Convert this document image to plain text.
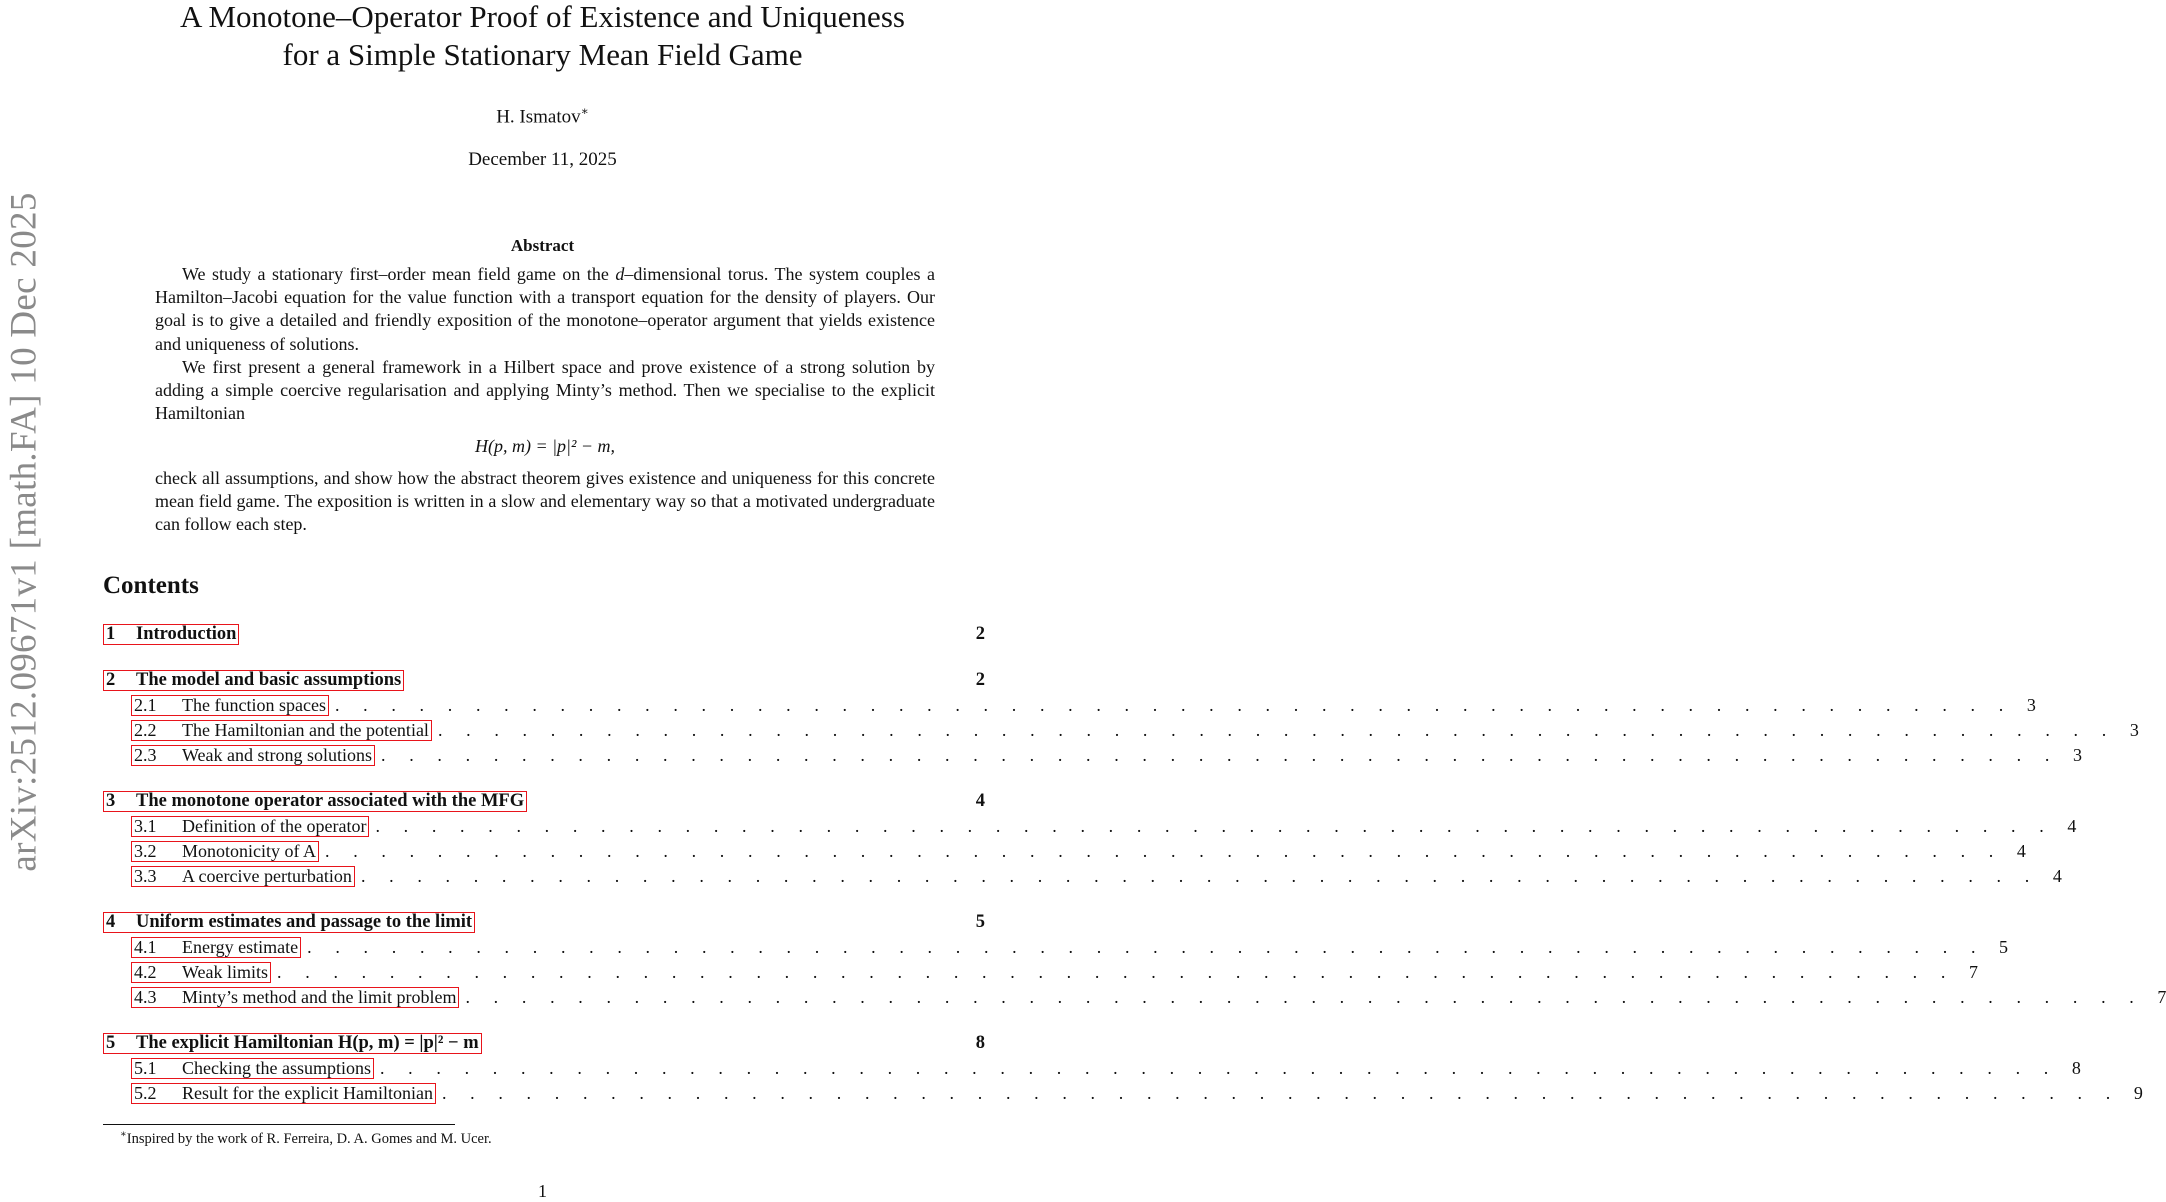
arXiv:2512.09671v1 [math.FA] 10 Dec 2025
A Monotone–Operator Proof of Existence and Uniqueness
for a Simple Stationary Mean Field Game
H. Ismatov∗
December 11, 2025
Abstract

We study a stationary first–order mean field game on the d–dimensional torus. The system couples a Hamilton–Jacobi equation for the value function with a transport equation for the density of players. Our goal is to give a detailed and friendly exposition of the monotone–operator argument that yields existence and uniqueness of solutions.

We first present a general framework in a Hilbert space and prove existence of a strong solution by adding a simple coercive regularisation and applying Minty’s method. Then we specialise to the explicit Hamiltonian

H(p, m) = |p|² − m,

check all assumptions, and show how the abstract theorem gives existence and uniqueness for this concrete mean field game. The exposition is written in a slow and elementary way so that a motivated undergraduate can follow each step.

Contents
1 Introduction	2
2 The model and basic assumptions	2
2.1 The function spaces . . . . . . . . . . . . . . . . . . . . . . . . . . . . . . . . . . . . . . . . . . . . . . . . . . . . . . . . . . . . 3
2.2 The Hamiltonian and the potential . . . . . . . . . . . . . . . . . . . . . . . . . . . . . . . . . . . . . . . . . . . . . . . . . . . . . . . . . . . . 3
2.3 Weak and strong solutions . . . . . . . . . . . . . . . . . . . . . . . . . . . . . . . . . . . . . . . . . . . . . . . . . . . . . . . . . . . . 3
3 The monotone operator associated with the MFG	4
3.1 Definition of the operator . . . . . . . . . . . . . . . . . . . . . . . . . . . . . . . . . . . . . . . . . . . . . . . . . . . . . . . . . . . . 4
3.2 Monotonicity of A . . . . . . . . . . . . . . . . . . . . . . . . . . . . . . . . . . . . . . . . . . . . . . . . . . . . . . . . . . . . 4
3.3 A coercive perturbation . . . . . . . . . . . . . . . . . . . . . . . . . . . . . . . . . . . . . . . . . . . . . . . . . . . . . . . . . . . . 4
4 Uniform estimates and passage to the limit	5
4.1 Energy estimate . . . . . . . . . . . . . . . . . . . . . . . . . . . . . . . . . . . . . . . . . . . . . . . . . . . . . . . . . . . . 5
4.2 Weak limits . . . . . . . . . . . . . . . . . . . . . . . . . . . . . . . . . . . . . . . . . . . . . . . . . . . . . . . . . . . . 7
4.3 Minty’s method and the limit problem . . . . . . . . . . . . . . . . . . . . . . . . . . . . . . . . . . . . . . . . . . . . . . . . . . . . . . . . . . . . 7
5 The explicit Hamiltonian H(p, m) = |p|² − m	8
5.1 Checking the assumptions . . . . . . . . . . . . . . . . . . . . . . . . . . . . . . . . . . . . . . . . . . . . . . . . . . . . . . . . . . . . 8
5.2 Result for the explicit Hamiltonian . . . . . . . . . . . . . . . . . . . . . . . . . . . . . . . . . . . . . . . . . . . . . . . . . . . . . . . . . . . . 9
∗Inspired by the work of R. Ferreira, D. A. Gomes and M. Ucer.
1
